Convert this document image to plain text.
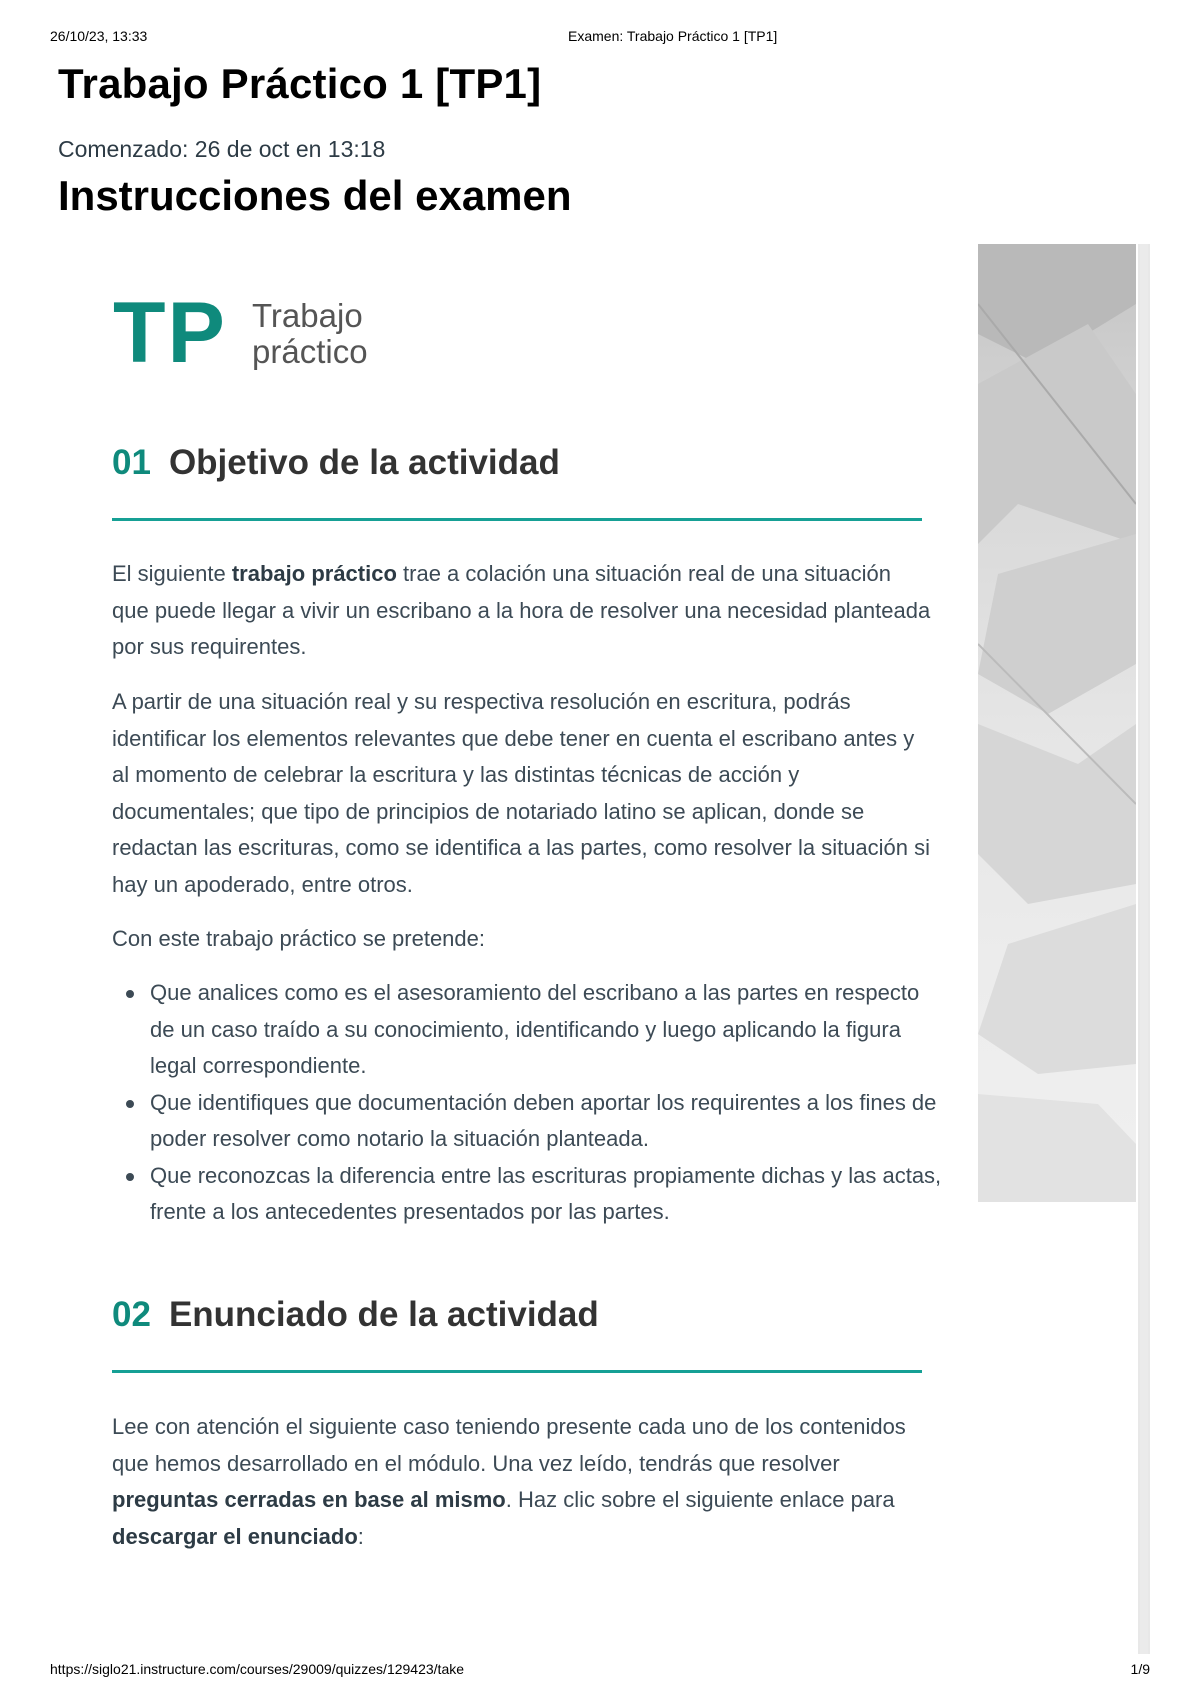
26/10/23, 13:33	Examen: Trabajo Práctico 1 [TP1]
Trabajo Práctico 1 [TP1]
Comenzado: 26 de oct en 13:18
Instrucciones del examen
TP Trabajo
práctico
01 Objetivo de la actividad

El siguiente trabajo práctico trae a colación una situación real de una situación que puede llegar a vivir un escribano a la hora de resolver una necesidad planteada por sus requirentes.

A partir de una situación real y su respectiva resolución en escritura, podrás identificar los elementos relevantes que debe tener en cuenta el escribano antes y al momento de celebrar la escritura y las distintas técnicas de acción y documentales; que tipo de principios de notariado latino se aplican, donde se redactan las escrituras, como se identifica a las partes, como resolver la situación si hay un apoderado, entre otros.

Con este trabajo práctico se pretende:

Que analices como es el asesoramiento del escribano a las partes en respecto de un caso traído a su conocimiento, identificando y luego aplicando la figura legal correspondiente.
Que identifiques que documentación deben aportar los requirentes a los fines de poder resolver como notario la situación planteada.
Que reconozcas la diferencia entre las escrituras propiamente dichas y las actas, frente a los antecedentes presentados por las partes.
02 Enunciado de la actividad

Lee con atención el siguiente caso teniendo presente cada uno de los contenidos que hemos desarrollado en el módulo. Una vez leído, tendrás que resolver preguntas cerradas en base al mismo. Haz clic sobre el siguiente enlace para descargar el enunciado:

https://siglo21.instructure.com/courses/29009/quizzes/129423/take	1/9
